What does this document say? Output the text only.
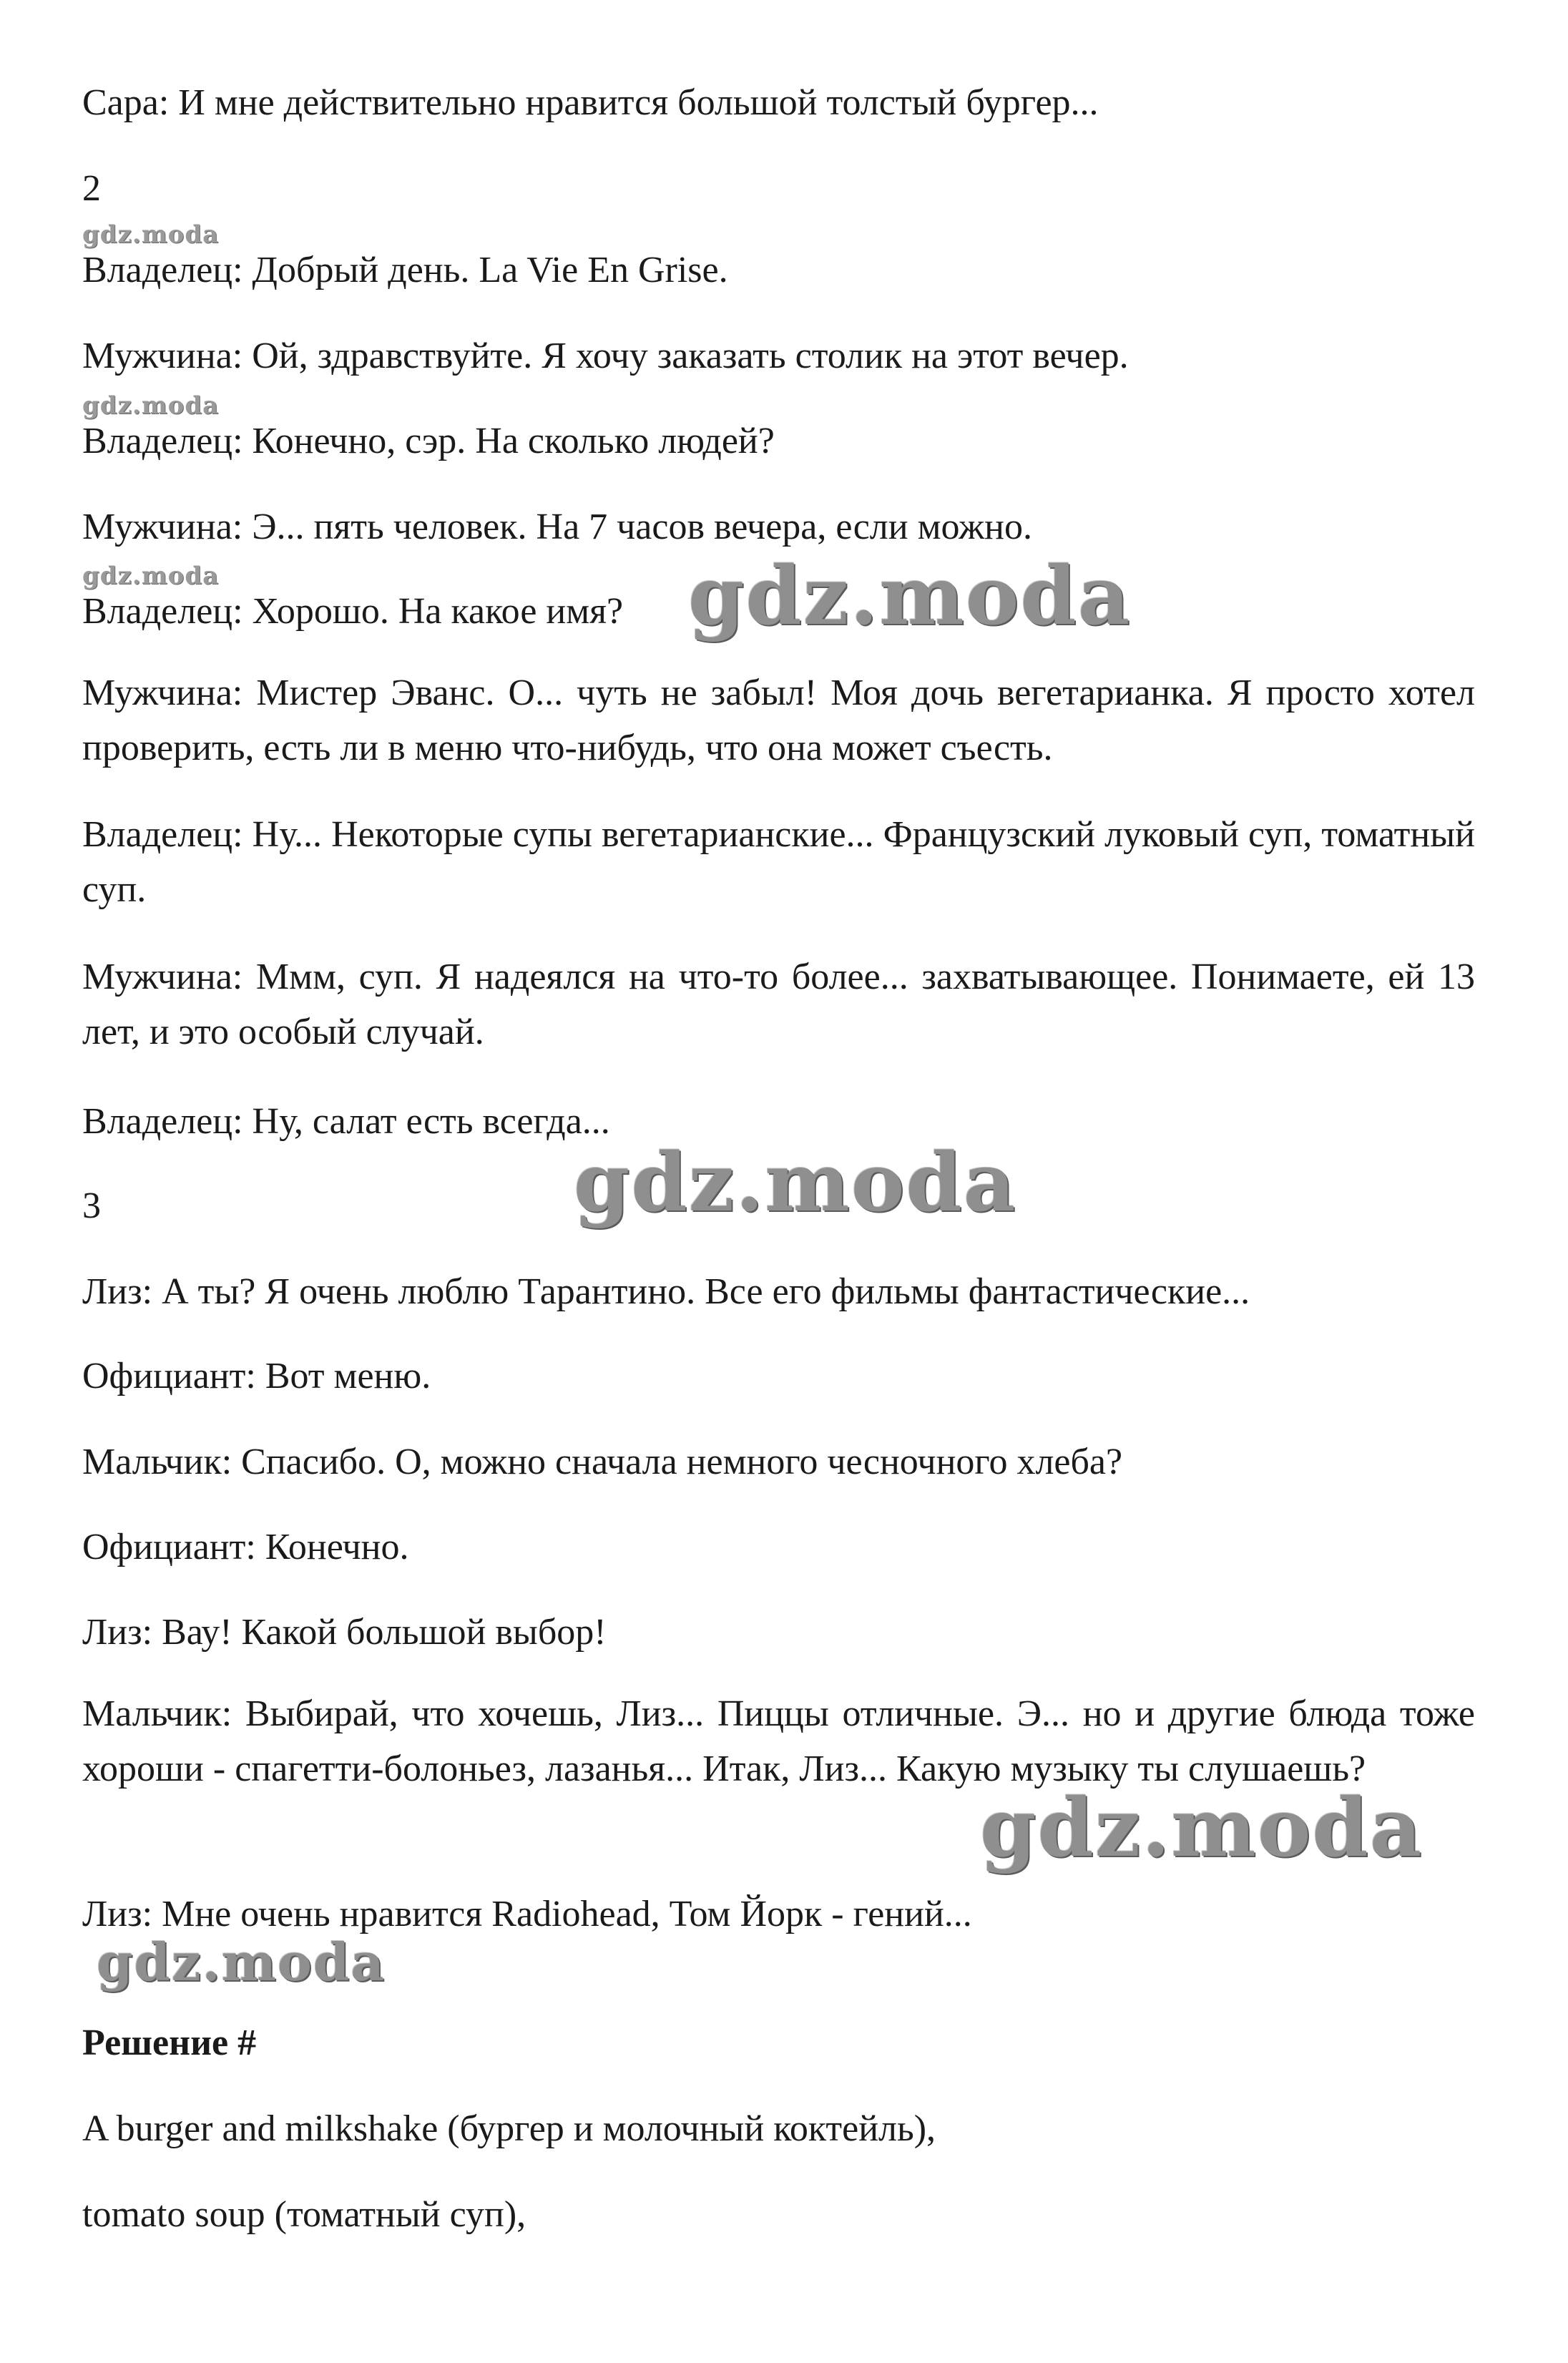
Сара: И мне действительно нравится большой толстый бургер...
2
gdz.moda
Владелец: Добрый день. La Vie En Grise.
Мужчина: Ой, здравствуйте. Я хочу заказать столик на этот вечер.
gdz.moda
Владелец: Конечно, сэр. На сколько людей?
Мужчина: Э... пять человек. На 7 часов вечера, если можно.
gdz.moda
Владелец: Хорошо. На какое имя? gdz.moda
Мужчина: Мистер Эванс. О... чуть не забыл! Моя дочь вегетарианка. Я просто хотел проверить, есть ли в меню что-нибудь, что она может съесть.
Владелец: Ну... Некоторые супы вегетарианские... Французский луковый суп, томатный суп.
Мужчина: Ммм, суп. Я надеялся на что-то более... захватывающее. Понимаете, ей 13 лет, и это особый случай.
Владелец: Ну, салат есть всегда...
3	gdz.moda
Лиз: А ты? Я очень люблю Тарантино. Все его фильмы фантастические...
Официант: Вот меню.
Мальчик: Спасибо. О, можно сначала немного чесночного хлеба?
Официант: Конечно.
Лиз: Вау! Какой большой выбор!
Мальчик: Выбирай, что хочешь, Лиз... Пиццы отличные. Э... но и другие блюда тоже хороши - спагетти-болоньез, лазанья... Итак, Лиз... Какую музыку ты слушаешь?
gdz.moda
Лиз: Мне очень нравится Radiohead, Том Йорк - гений...
gdz.moda
Решение #
A burger and milkshake (бургер и молочный коктейль),
tomato soup (томатный суп),
